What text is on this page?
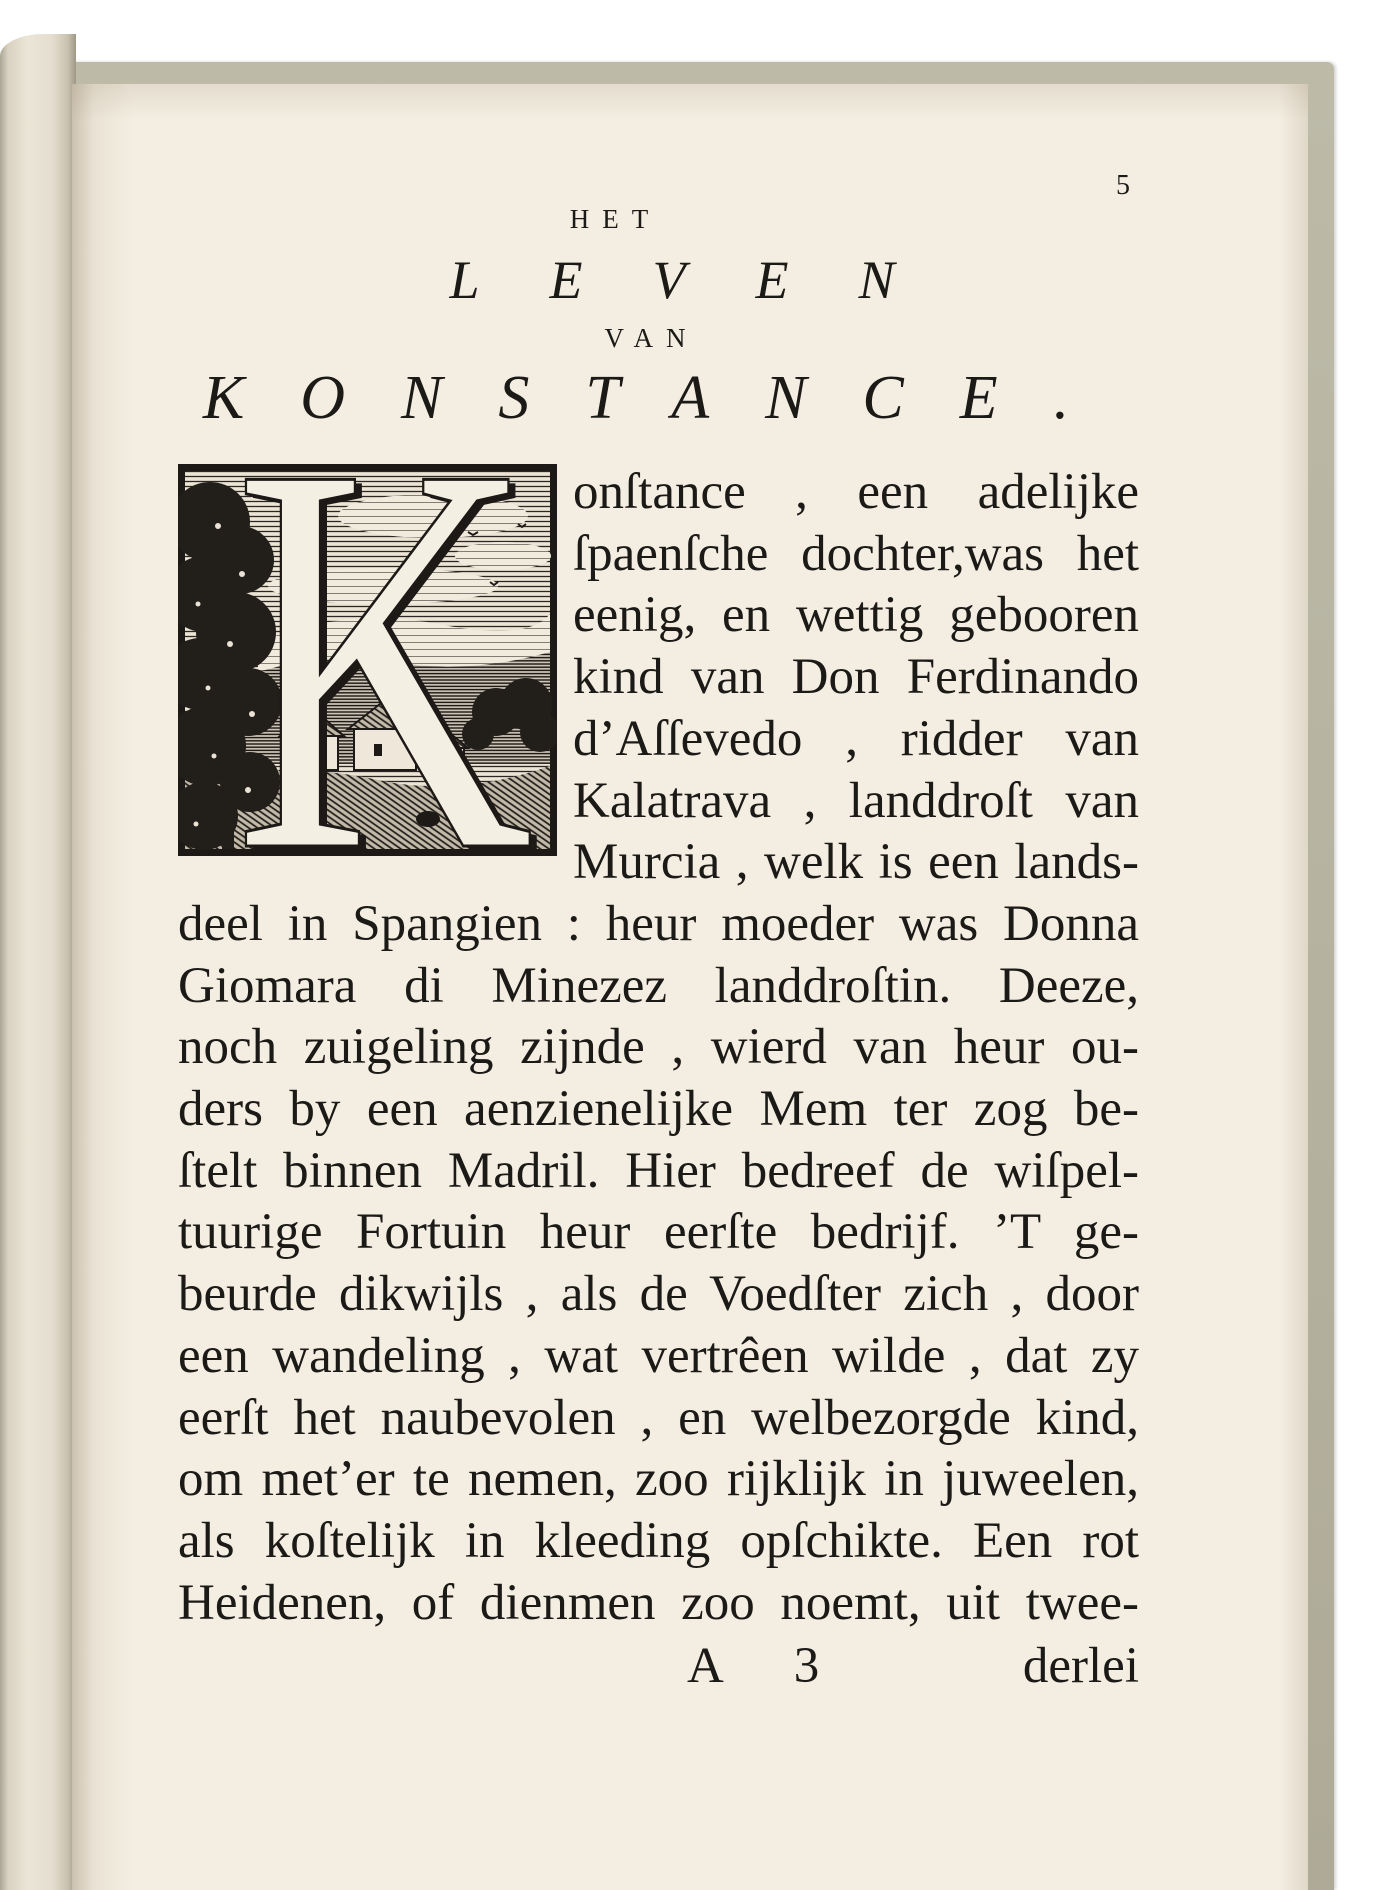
5
HET
LEVEN
VAN
KONSTANCE.
K
K onſtance , een adelijke
ſpaenſche dochter,was het
eenig, en wettig gebooren
kind van Don Ferdinando
d’Aſſevedo , ridder van
Kalatrava , landdroſt van
Murcia , welk is een lands-
deel in Spangien : heur moeder was Donna
Giomara di Minezez landdroſtin. Deeze,
noch zuigeling zijnde , wierd van heur ou-
ders by een aenzienelijke Mem ter zog be-
ſtelt binnen Madril. Hier bedreef de wiſpel-
tuurige Fortuin heur eerſte bedrijf. ’T ge-
beurde dikwijls , als de Voedſter zich , door
een wandeling , wat vertrêen wilde , dat zy
eerſt het naubevolen , en welbezorgde kind,
om met’er te nemen, zoo rijklijk in juweelen,
als koſtelijk in kleeding opſchikte. Een rot
Heidenen, of dienmen zoo noemt, uit twee-
A 3	derlei
